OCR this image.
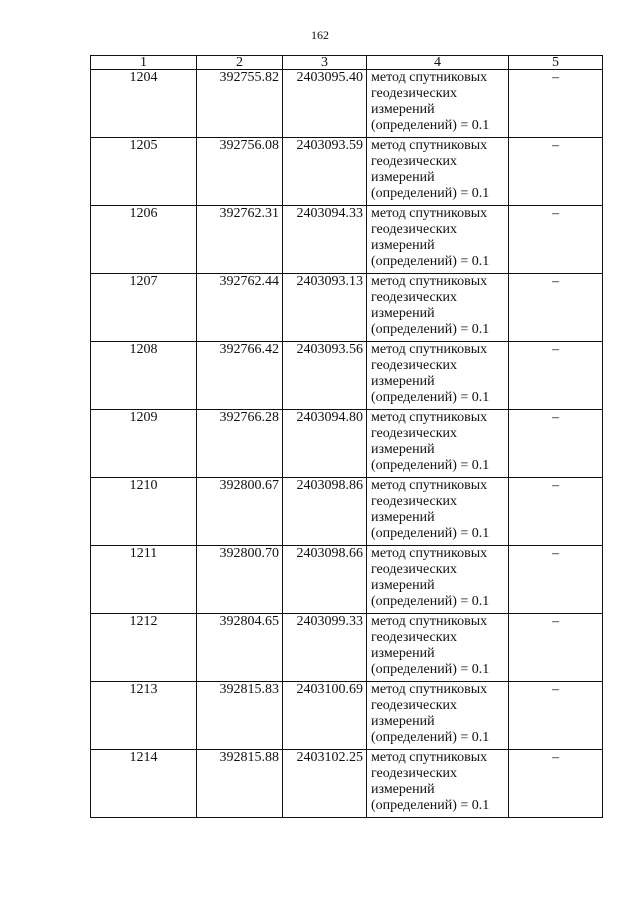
162
1	2	3	4	5
1204	392755.82	2403095.40	метод спутниковых
геодезических
измерений
(определений) = 0.1	–
1205	392756.08	2403093.59	метод спутниковых
геодезических
измерений
(определений) = 0.1	–
1206	392762.31	2403094.33	метод спутниковых
геодезических
измерений
(определений) = 0.1	–
1207	392762.44	2403093.13	метод спутниковых
геодезических
измерений
(определений) = 0.1	–
1208	392766.42	2403093.56	метод спутниковых
геодезических
измерений
(определений) = 0.1	–
1209	392766.28	2403094.80	метод спутниковых
геодезических
измерений
(определений) = 0.1	–
1210	392800.67	2403098.86	метод спутниковых
геодезических
измерений
(определений) = 0.1	–
1211	392800.70	2403098.66	метод спутниковых
геодезических
измерений
(определений) = 0.1	–
1212	392804.65	2403099.33	метод спутниковых
геодезических
измерений
(определений) = 0.1	–
1213	392815.83	2403100.69	метод спутниковых
геодезических
измерений
(определений) = 0.1	–
1214	392815.88	2403102.25	метод спутниковых
геодезических
измерений
(определений) = 0.1	–
